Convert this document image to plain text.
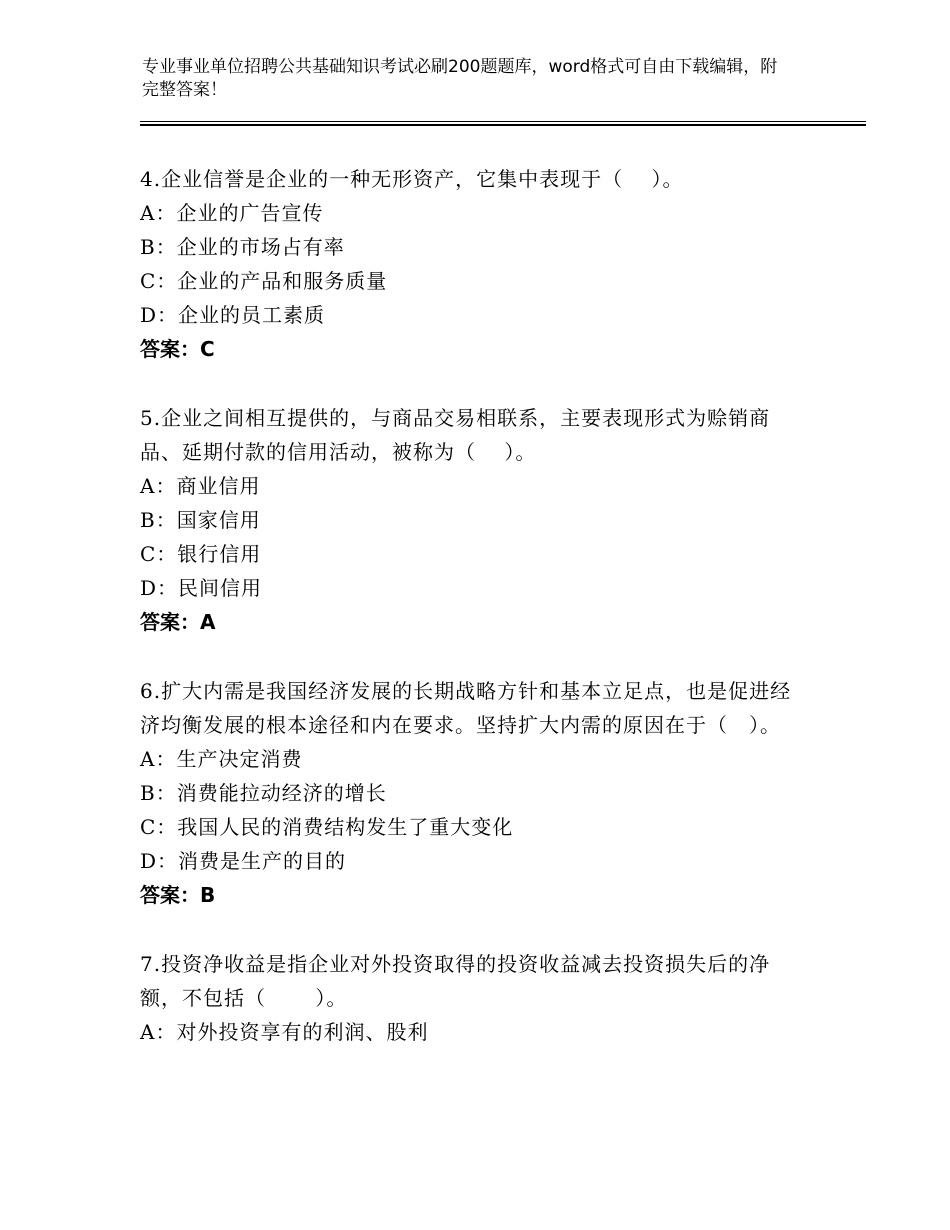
专业事业单位招聘公共基础知识考试必刷200题题库，word格式可自由下载编辑，附完整答案！

4.企业信誉是企业的一种无形资产，它集中表现于（　 ）。

A：企业的广告宣传

B：企业的市场占有率

C：企业的产品和服务质量

D：企业的员工素质

答案：C

5.企业之间相互提供的，与商品交易相联系，主要表现形式为赊销商品、延期付款的信用活动，被称为（　 ）。

A：商业信用

B：国家信用

C：银行信用

D：民间信用

答案：A

6.扩大内需是我国经济发展的长期战略方针和基本立足点，也是促进经济均衡发展的根本途径和内在要求。坚持扩大内需的原因在于（　）。

A：生产决定消费

B：消费能拉动经济的增长

C：我国人民的消费结构发生了重大变化

D：消费是生产的目的

答案：B

7.投资净收益是指企业对外投资取得的投资收益减去投资损失后的净额，不包括（　　 ）。

A：对外投资享有的利润、股利
